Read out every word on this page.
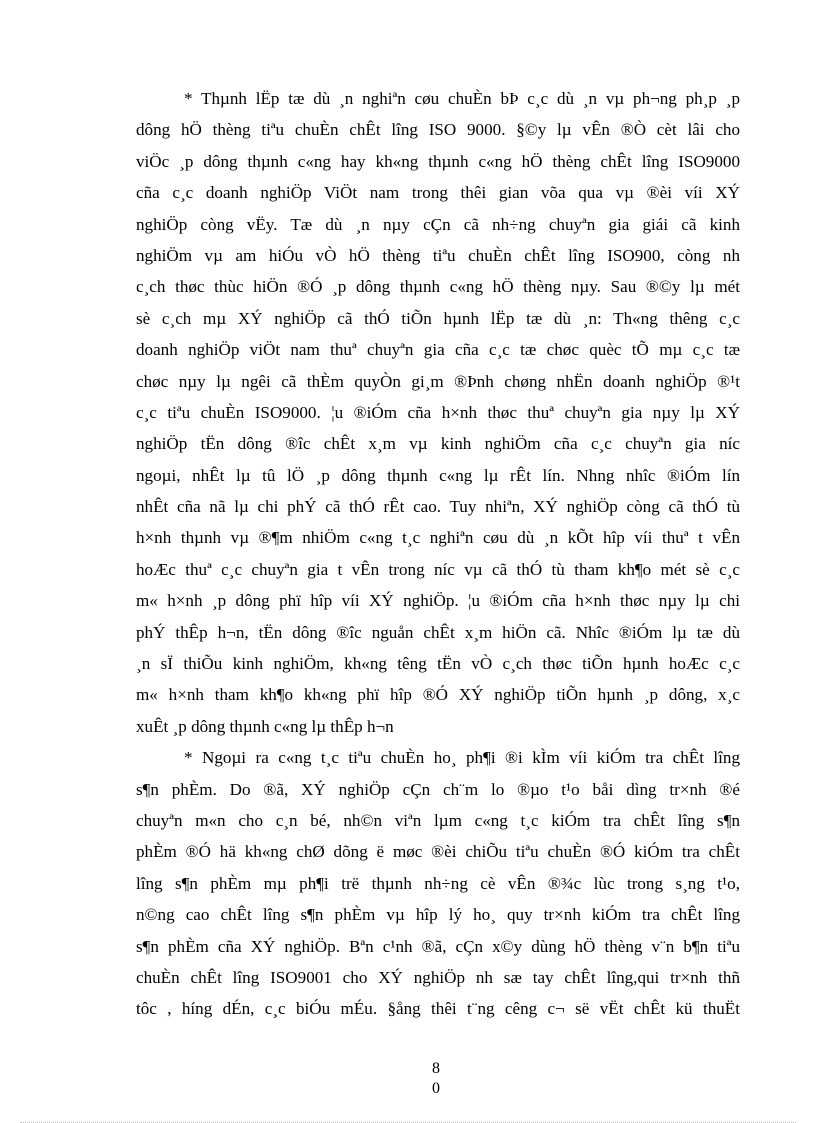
* Thµnh lËp tæ dù ¸n nghiªn cøu chuÈn bÞ c¸c dù ¸n vµ ph¬ng ph¸p ¸p
dông hÖ thèng tiªu chuÈn chÊt lîng ISO 9000. §©y lµ vÊn ®Ò cèt lâi cho
viÖc ¸p dông thµnh c«ng hay kh«ng thµnh c«ng hÖ thèng chÊt lîng ISO9000
cña c¸c doanh nghiÖp ViÖt nam trong thêi gian võa qua vµ ®èi víi XÝ
nghiÖp còng vËy. Tæ dù ¸n nµy cÇn cã nh÷ng chuyªn gia giái cã kinh
nghiÖm vµ am hiÓu vÒ hÖ thèng tiªu chuÈn chÊt lîng ISO900, còng nh
c¸ch thøc thùc hiÖn ®Ó ¸p dông thµnh c«ng hÖ thèng nµy. Sau ®©y lµ mét
sè c¸ch mµ XÝ nghiÖp cã thÓ tiÕn hµnh lËp tæ dù ¸n: Th«ng thêng c¸c
doanh nghiÖp viÖt nam thuª chuyªn gia cña c¸c tæ chøc quèc tÕ mµ c¸c tæ
chøc nµy lµ ngêi cã thÈm quyÒn gi¸m ®Þnh chøng nhËn doanh nghiÖp ®¹t
c¸c tiªu chuÈn ISO9000. ¦u ®iÓm cña h×nh thøc thuª chuyªn gia nµy lµ XÝ
nghiÖp tËn dông ®îc chÊt x¸m vµ kinh nghiÖm cña c¸c chuyªn gia níc
ngoµi, nhÊt lµ tû lÖ ¸p dông thµnh c«ng lµ rÊt lín. Nhng nhîc ®iÓm lín
nhÊt cña nã lµ chi phÝ cã thÓ rÊt cao. Tuy nhiªn, XÝ nghiÖp còng cã thÓ tù
h×nh thµnh vµ ®¶m nhiÖm c«ng t¸c nghiªn cøu dù ¸n kÕt hîp víi thuª t vÊn
hoÆc thuª c¸c chuyªn gia t vÊn trong níc vµ cã thÓ tù tham kh¶o mét sè c¸c
m« h×nh ¸p dông phï hîp víi XÝ nghiÖp. ¦u ®iÓm cña h×nh thøc nµy lµ chi
phÝ thÊp h¬n, tËn dông ®îc nguån chÊt x¸m hiÖn cã. Nhîc ®iÓm lµ tæ dù
¸n sÏ thiÕu kinh nghiÖm, kh«ng têng tËn vÒ c¸ch thøc tiÕn hµnh hoÆc c¸c
m« h×nh tham kh¶o kh«ng phï hîp ®Ó XÝ nghiÖp tiÕn hµnh ¸p dông, x¸c
xuÊt ¸p dông thµnh c«ng lµ thÊp h¬n
* Ngoµi ra c«ng t¸c tiªu chuÈn ho¸ ph¶i ®i kÌm víi kiÓm tra chÊt lîng
s¶n phÈm. Do ®ã, XÝ nghiÖp cÇn ch¨m lo ®µo t¹o båi dìng tr×nh ®é
chuyªn m«n cho c¸n bé, nh©n viªn lµm c«ng t¸c kiÓm tra chÊt lîng s¶n
phÈm ®Ó hä kh«ng chØ dõng ë møc ®èi chiÕu tiªu chuÈn ®Ó kiÓm tra chÊt
lîng s¶n phÈm mµ ph¶i trë thµnh nh÷ng cè vÊn ®¾c lùc trong s¸ng t¹o,
n©ng cao chÊt lîng s¶n phÈm vµ hîp lý ho¸ quy tr×nh kiÓm tra chÊt lîng
s¶n phÈm cña XÝ nghiÖp. Bªn c¹nh ®ã, cÇn x©y dùng hÖ thèng v¨n b¶n tiªu
chuÈn chÊt lîng ISO9001 cho XÝ nghiÖp nh sæ tay chÊt lîng,qui tr×nh thñ
tôc , híng dÉn, c¸c biÓu mÉu. §ång thêi t¨ng cêng c¬ së vËt chÊt kü thuËt
8
0
